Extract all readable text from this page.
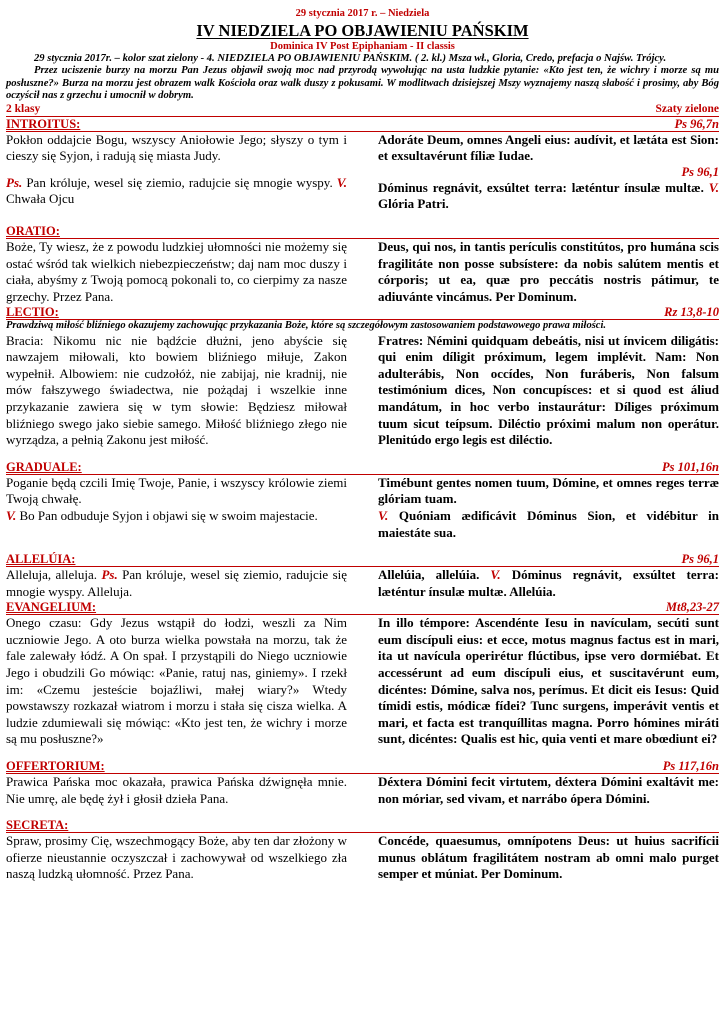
29 stycznia 2017 r. – Niedziela
IV NIEDZIELA PO OBJAWIENIU PAŃSKIM
Dominica IV Post Epiphaniam - II classis

29 stycznia 2017r. – kolor szat zielony - 4. NIEDZIELA PO OBJAWIENIU PAŃSKIM. ( 2. kl.) Msza wł., Gloria, Credo, prefacja o Najśw. Trójcy.

Przez uciszenie burzy na morzu Pan Jezus objawił swoją moc nad przyrodą wywołując na usta ludzkie pytanie: «Kto jest ten, że wichry i morze są mu posłuszne?» Burza na morzu jest obrazem walk Kościoła oraz walk duszy z pokusami. W modlitwach dzisiejszej Mszy wyznajemy naszą słabość i prosimy, aby Bóg oczyścił nas z grzechu i umocnił w dobrym.

2 klasy	Szaty zielone
INTROITUS:	Ps 96,7n

Pokłon oddajcie Bogu, wszyscy Aniołowie Jego; słyszy o tym i cieszy się Syjon, i radują się miasta Judy.

Ps. Pan króluje, wesel się ziemio, radujcie się mnogie wyspy. V. Chwała Ojcu

Adoráte Deum, omnes Angeli eius: audívit, et lætáta est Sion: et exsultavérunt fíliæ Iudae.

Ps 96,1

Dóminus regnávit, exsúltet terra: læténtur ínsulæ multæ. V. Glória Patri.

ORATIO:

Boże, Ty wiesz, że z powodu ludzkiej ułomności nie możemy się ostać wśród tak wielkich niebezpieczeństw; daj nam moc duszy i ciała, abyśmy z Twoją pomocą pokonali to, co cierpimy za nasze grzechy. Przez Pana.

Deus, qui nos, in tantis perículis constitútos, pro humána scis fragilitáte non posse subsístere: da nobis salútem mentis et córporis; ut ea, quæ pro peccátis nostris pátimur, te adiuvánte vincámus. Per Dominum.

LECTIO:	Rz 13,8-10
Prawdziwą miłość bliźniego okazujemy zachowując przykazania Boże, które są szczegółowym zastosowaniem podstawowego prawa miłości.

Bracia: Nikomu nic nie bądźcie dłużni, jeno abyście się nawzajem miłowali, kto bowiem bliźniego miłuje, Zakon wypełnił. Albowiem: nie cudzołóż, nie zabijaj, nie kradnij, nie mów fałszywego świadectwa, nie pożądaj i wszelkie inne przykazanie zawiera się w tym słowie: Będziesz miłował bliźniego swego jako siebie samego. Miłość bliźniego złego nie wyrządza, a pełnią Zakonu jest miłość.

Fratres: Némini quidquam debeátis, nisi ut ínvicem diligátis: qui enim díligit próximum, legem implévit. Nam: Non adulterábis, Non occídes, Non furáberis, Non falsum testimónium dices, Non concupísces: et si quod est áliud mandátum, in hoc verbo instaurátur: Díliges próximum tuum sicut teípsum. Diléctio próximi malum non operátur. Plenitúdo ergo legis est diléctio.

GRADUALE:	Ps 101,16n

Poganie będą czcili Imię Twoje, Panie, i wszyscy królowie ziemi Twoją chwałę.

V. Bo Pan odbuduje Syjon i objawi się w swoim majestacie.

Timébunt gentes nomen tuum, Dómine, et omnes reges terræ glóriam tuam.

V. Quóniam ædificávit Dóminus Sion, et vidébitur in maiestáte sua.

ALLELÚIA:	Ps 96,1

Alleluja, alleluja. Ps. Pan króluje, wesel się ziemio, radujcie się mnogie wyspy. Alleluja.

Allelúia, allelúia. V. Dóminus regnávit, exsúltet terra: læténtur ínsulæ multæ. Allelúia.

EVANGELIUM:	Mt8,23-27

Onego czasu: Gdy Jezus wstąpił do łodzi, weszli za Nim uczniowie Jego. A oto burza wielka powstała na morzu, tak że fale zalewały łódź. A On spał. I przystąpili do Niego uczniowie Jego i obudzili Go mówiąc: «Panie, ratuj nas, giniemy». I rzekł im: «Czemu jesteście bojaźliwi, małej wiary?» Wtedy powstawszy rozkazał wiatrom i morzu i stała się cisza wielka. A ludzie zdumiewali się mówiąc: «Kto jest ten, że wichry i morze są mu posłuszne?»

In illo témpore: Ascendénte Iesu in navículam, secúti sunt eum discípuli eius: et ecce, motus magnus factus est in mari, ita ut navícula operirétur flúctibus, ipse vero dormiébat. Et accessérunt ad eum discípuli eius, et suscitavérunt eum, dicéntes: Dómine, salva nos, perímus. Et dicit eis Iesus: Quid tímidi estis, módicæ fídei? Tunc surgens, imperávit ventis et mari, et facta est tranquíllitas magna. Porro hómines miráti sunt, dicéntes: Qualis est hic, quia venti et mare obœdiunt ei?

OFFERTORIUM:	Ps 117,16n

Prawica Pańska moc okazała, prawica Pańska dźwignęła mnie. Nie umrę, ale będę żył i głosił dzieła Pana.

Déxtera Dómini fecit virtutem, déxtera Dómini exaltávit me: non móriar, sed vivam, et narrábo ópera Dómini.

SECRETA:

Spraw, prosimy Cię, wszechmogący Boże, aby ten dar złożony w ofierze nieustannie oczyszczał i zachowywał od wszelkiego zła naszą ludzką ułomność. Przez Pana.

Concéde, quaesumus, omnípotens Deus: ut huius sacrifícii munus oblátum fragilitátem nostram ab omni malo purget semper et múniat. Per Dominum.
